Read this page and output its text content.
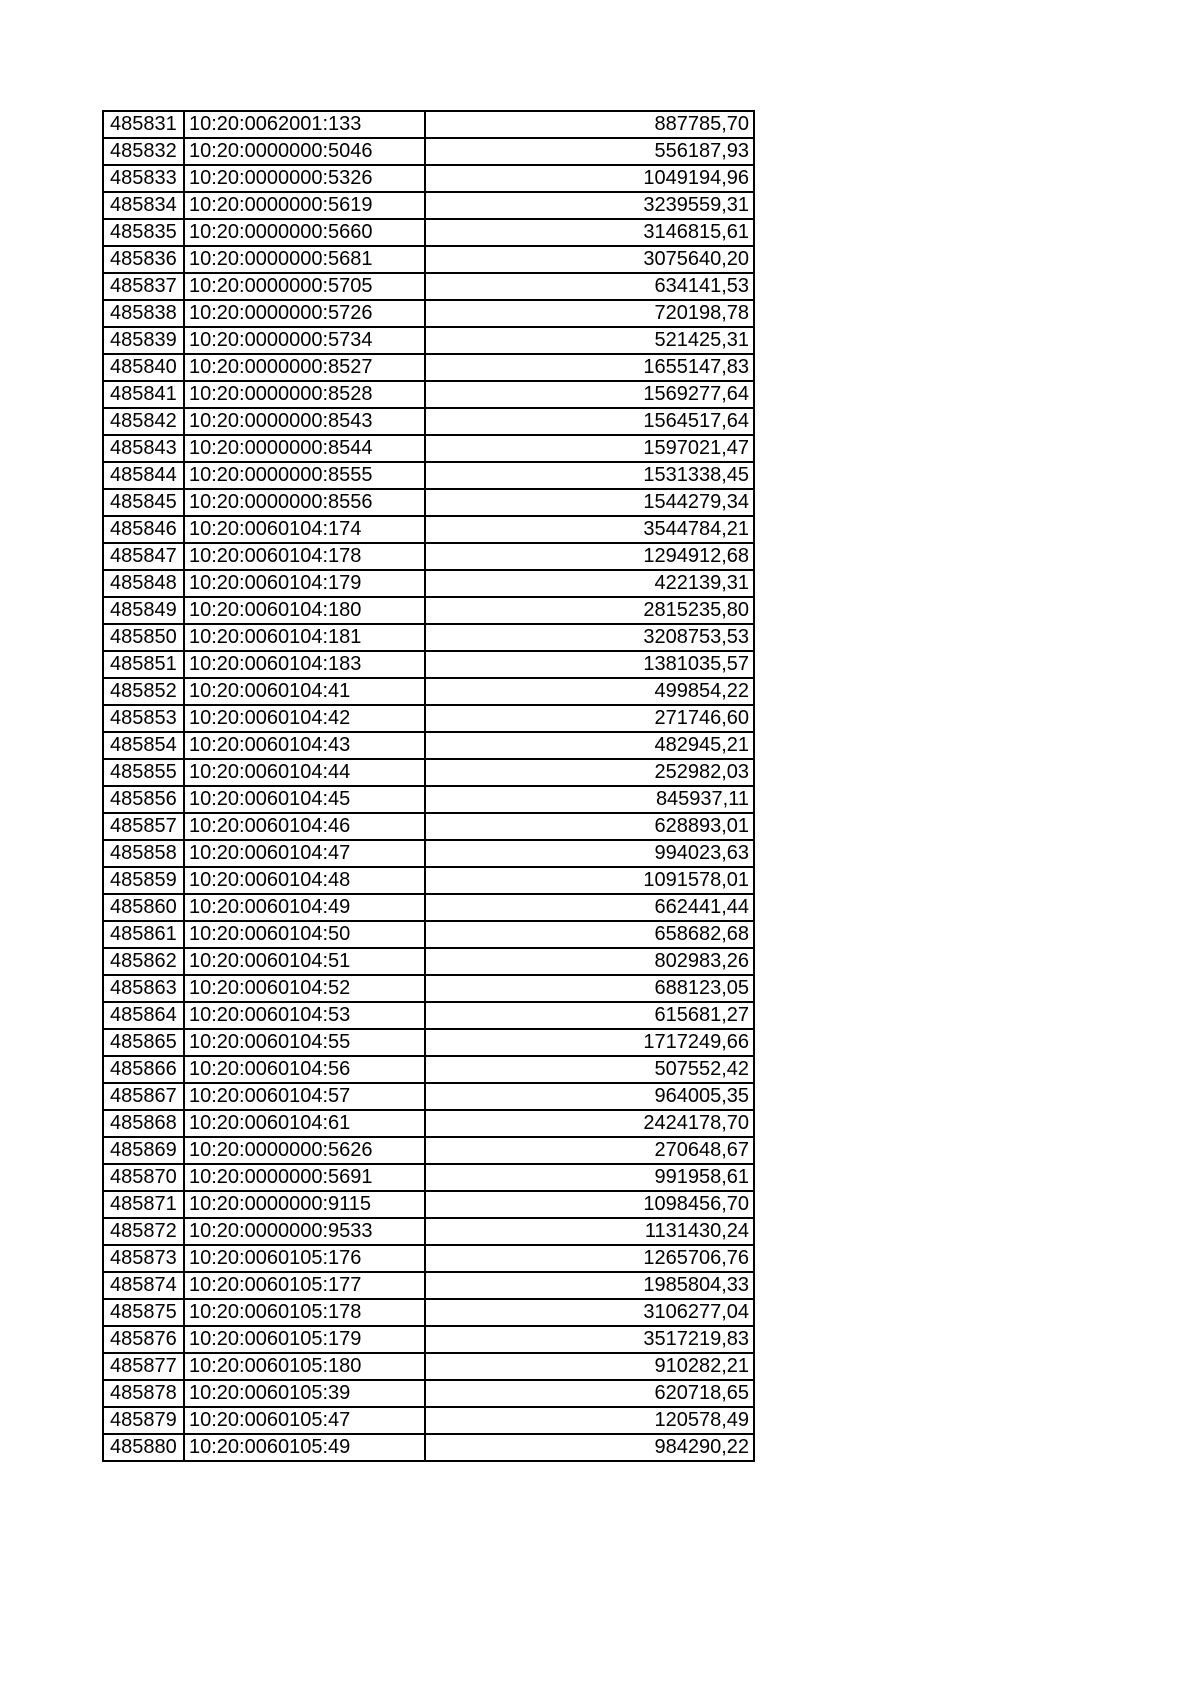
485831	10:20:0062001:133	887785,70
485832	10:20:0000000:5046	556187,93
485833	10:20:0000000:5326	1049194,96
485834	10:20:0000000:5619	3239559,31
485835	10:20:0000000:5660	3146815,61
485836	10:20:0000000:5681	3075640,20
485837	10:20:0000000:5705	634141,53
485838	10:20:0000000:5726	720198,78
485839	10:20:0000000:5734	521425,31
485840	10:20:0000000:8527	1655147,83
485841	10:20:0000000:8528	1569277,64
485842	10:20:0000000:8543	1564517,64
485843	10:20:0000000:8544	1597021,47
485844	10:20:0000000:8555	1531338,45
485845	10:20:0000000:8556	1544279,34
485846	10:20:0060104:174	3544784,21
485847	10:20:0060104:178	1294912,68
485848	10:20:0060104:179	422139,31
485849	10:20:0060104:180	2815235,80
485850	10:20:0060104:181	3208753,53
485851	10:20:0060104:183	1381035,57
485852	10:20:0060104:41	499854,22
485853	10:20:0060104:42	271746,60
485854	10:20:0060104:43	482945,21
485855	10:20:0060104:44	252982,03
485856	10:20:0060104:45	845937,11
485857	10:20:0060104:46	628893,01
485858	10:20:0060104:47	994023,63
485859	10:20:0060104:48	1091578,01
485860	10:20:0060104:49	662441,44
485861	10:20:0060104:50	658682,68
485862	10:20:0060104:51	802983,26
485863	10:20:0060104:52	688123,05
485864	10:20:0060104:53	615681,27
485865	10:20:0060104:55	1717249,66
485866	10:20:0060104:56	507552,42
485867	10:20:0060104:57	964005,35
485868	10:20:0060104:61	2424178,70
485869	10:20:0000000:5626	270648,67
485870	10:20:0000000:5691	991958,61
485871	10:20:0000000:9115	1098456,70
485872	10:20:0000000:9533	1131430,24
485873	10:20:0060105:176	1265706,76
485874	10:20:0060105:177	1985804,33
485875	10:20:0060105:178	3106277,04
485876	10:20:0060105:179	3517219,83
485877	10:20:0060105:180	910282,21
485878	10:20:0060105:39	620718,65
485879	10:20:0060105:47	120578,49
485880	10:20:0060105:49	984290,22
